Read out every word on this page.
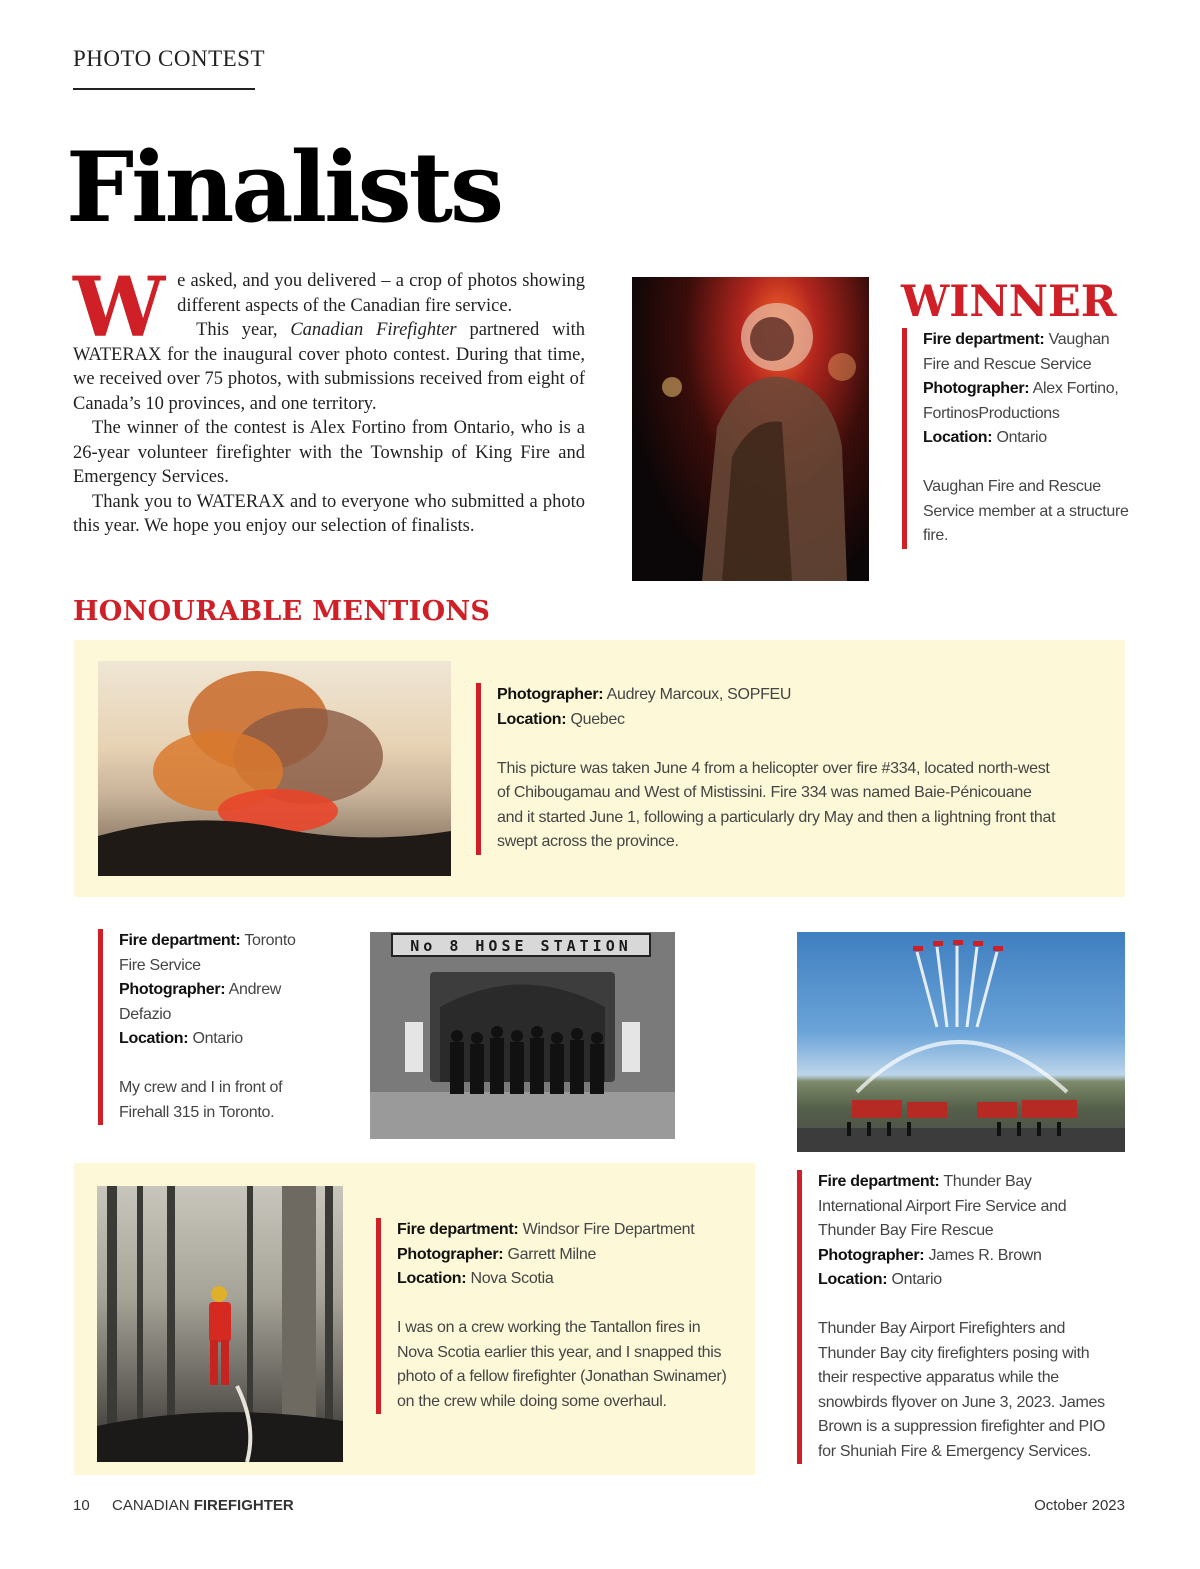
PHOTO CONTEST
Finalists

We asked, and you delivered – a crop of photos showing different aspects of the Canadian fire service.

This year, Canadian Firefighter partnered with WATERAX for the inaugural cover photo contest. During that time, we received over 75 photos, with submissions received from eight of Canada’s 10 provinces, and one territory.

The winner of the contest is Alex Fortino from Ontario, who is a 26-year volunteer firefighter with the Township of King Fire and Emergency Services.

Thank you to WATERAX and to everyone who submitted a photo this year. We hope you enjoy our selection of finalists.

WINNER
Fire department: Vaughan Fire and Rescue Service
Photographer: Alex Fortino, FortinosProductions
Location: Ontario
Vaughan Fire and Rescue Service member at a structure fire.
HONOURABLE MENTIONS
Photographer: Audrey Marcoux, SOPFEU
Location: Quebec
This picture was taken June 4 from a helicopter over fire #334, located north-west of Chibougamau and West of Mistissini. Fire 334 was named Baie-Pénicouane and it started June 1, following a particularly dry May and then a lightning front that swept across the province.
Fire department: Toronto Fire Service
Photographer: Andrew Defazio
Location: Ontario
My crew and I in front of Firehall 315 in Toronto.
No 8 HOSE STATION
Fire department: Thunder Bay International Airport Fire Service and Thunder Bay Fire Rescue
Photographer: James R. Brown
Location: Ontario
Thunder Bay Airport Firefighters and Thunder Bay city firefighters posing with their respective apparatus while the snowbirds flyover on June 3, 2023. James Brown is a suppression firefighter and PIO for Shuniah Fire & Emergency Services.
Fire department: Windsor Fire Department
Photographer: Garrett Milne
Location: Nova Scotia
I was on a crew working the Tantallon fires in Nova Scotia earlier this year, and I snapped this photo of a fellow firefighter (Jonathan Swinamer) on the crew while doing some overhaul.
10 CANADIAN FIREFIGHTER	October 2023
